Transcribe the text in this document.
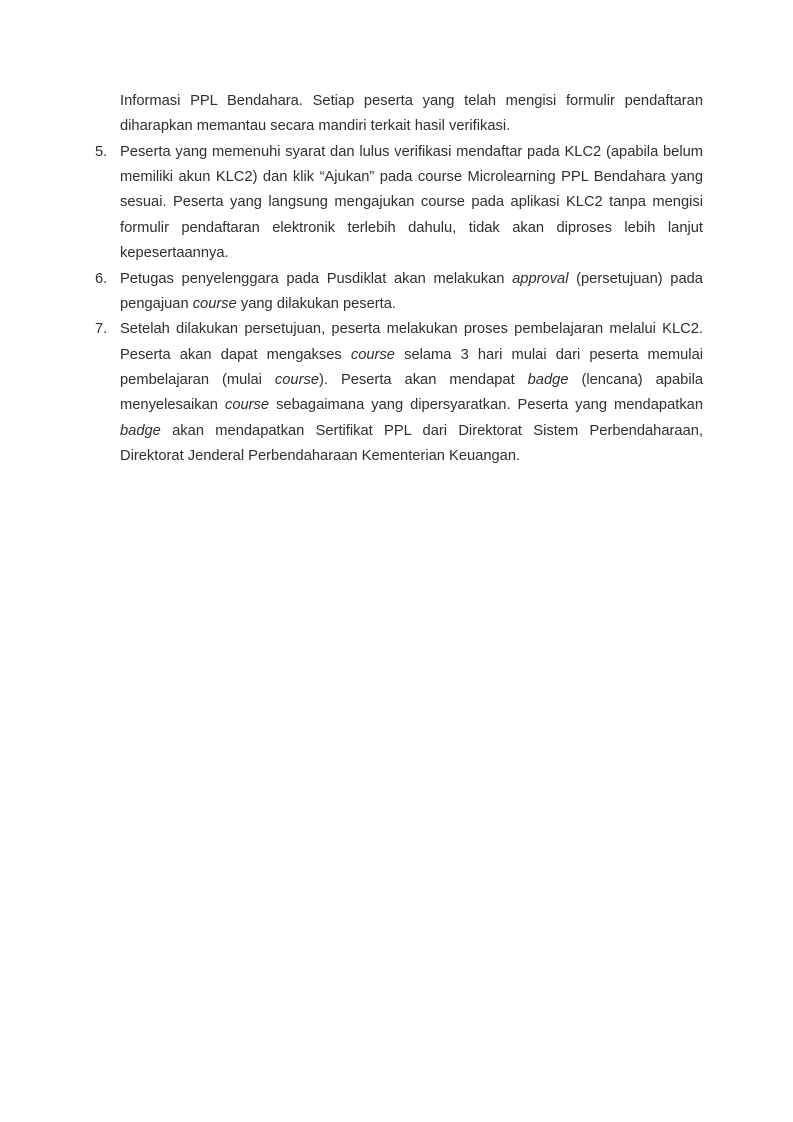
Informasi PPL Bendahara. Setiap peserta yang telah mengisi formulir pendaftaran diharapkan memantau secara mandiri terkait hasil verifikasi.
5. Peserta yang memenuhi syarat dan lulus verifikasi mendaftar pada KLC2 (apabila belum memiliki akun KLC2) dan klik “Ajukan” pada course Microlearning PPL Bendahara yang sesuai. Peserta yang langsung mengajukan course pada aplikasi KLC2 tanpa mengisi formulir pendaftaran elektronik terlebih dahulu, tidak akan diproses lebih lanjut kepesertaannya.
6. Petugas penyelenggara pada Pusdiklat akan melakukan approval (persetujuan) pada pengajuan course yang dilakukan peserta.
7. Setelah dilakukan persetujuan, peserta melakukan proses pembelajaran melalui KLC2. Peserta akan dapat mengakses course selama 3 hari mulai dari peserta memulai pembelajaran (mulai course). Peserta akan mendapat badge (lencana) apabila menyelesaikan course sebagaimana yang dipersyaratkan. Peserta yang mendapatkan badge akan mendapatkan Sertifikat PPL dari Direktorat Sistem Perbendaharaan, Direktorat Jenderal Perbendaharaan Kementerian Keuangan.
